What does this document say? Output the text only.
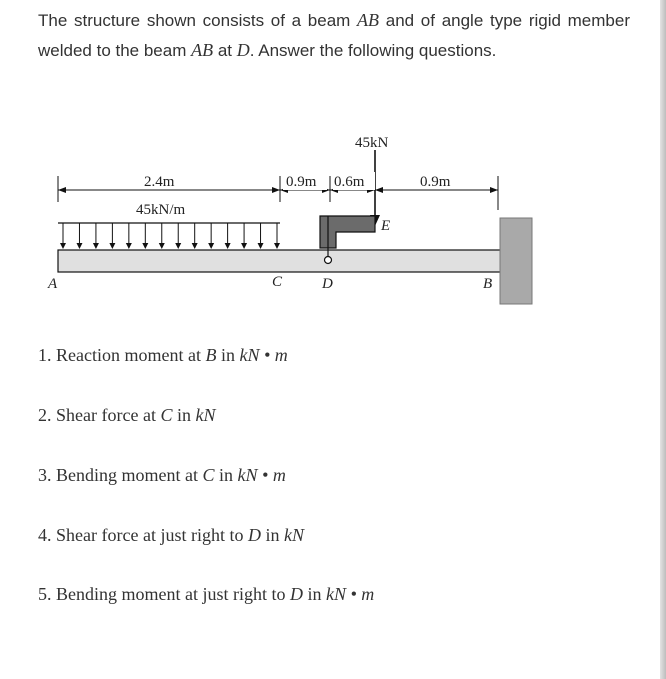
The structure shown consists of a beam AB and of angle type rigid member welded to the beam AB at D. Answer the following questions.
45kN
2.4m	0.9m 0.6m	0.9m
45kN/m
A	C	D
E
B
1. Reaction moment at B in kN • m
2. Shear force at C in kN
3. Bending moment at C in kN • m
4. Shear force at just right to D in kN
5. Bending moment at just right to D in kN • m
